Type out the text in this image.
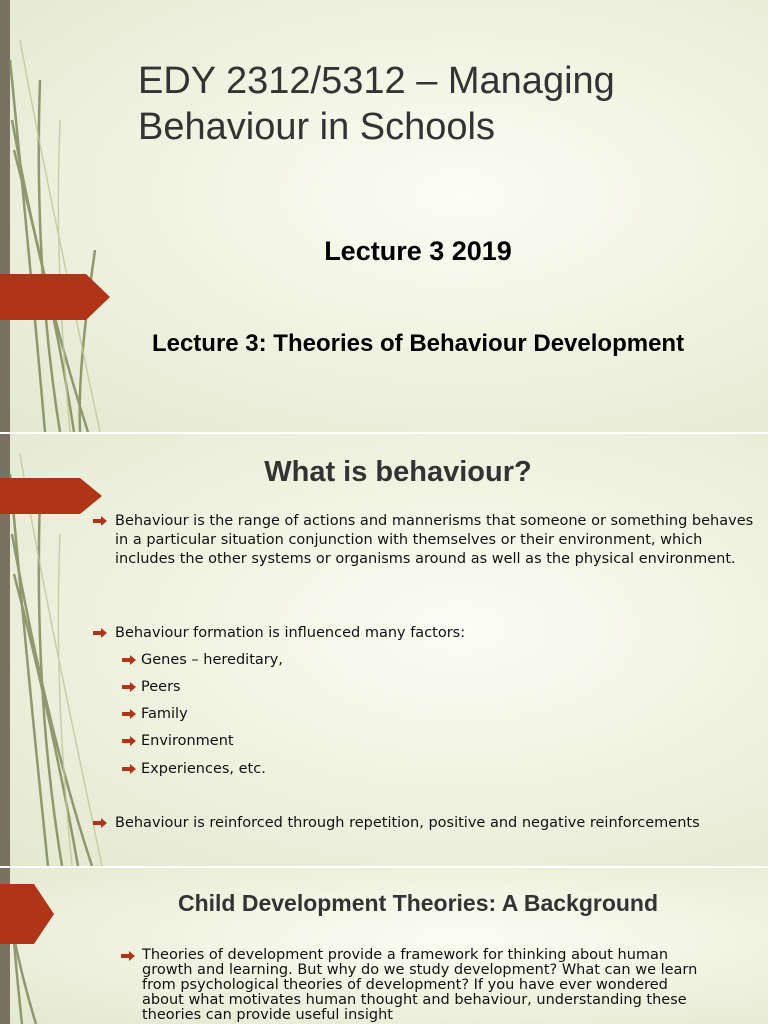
EDY 2312/5312 – Managing Behaviour in Schools
Lecture 3 2019
Lecture 3: Theories of Behaviour Development
What is behaviour?
Behaviour is the range of actions and mannerisms that someone or something behaves in a particular situation conjunction with themselves or their environment, which includes the other systems or organisms around as well as the physical environment.
Behaviour formation is influenced many factors:
Genes – hereditary,
Peers
Family
Environment
Experiences, etc.
Behaviour is reinforced through repetition, positive and negative reinforcements
Child Development Theories: A Background
Theories of development provide a framework for thinking about human growth and learning. But why do we study development? What can we learn from psychological theories of development? If you have ever wondered about what motivates human thought and behaviour, understanding these theories can provide useful insight
